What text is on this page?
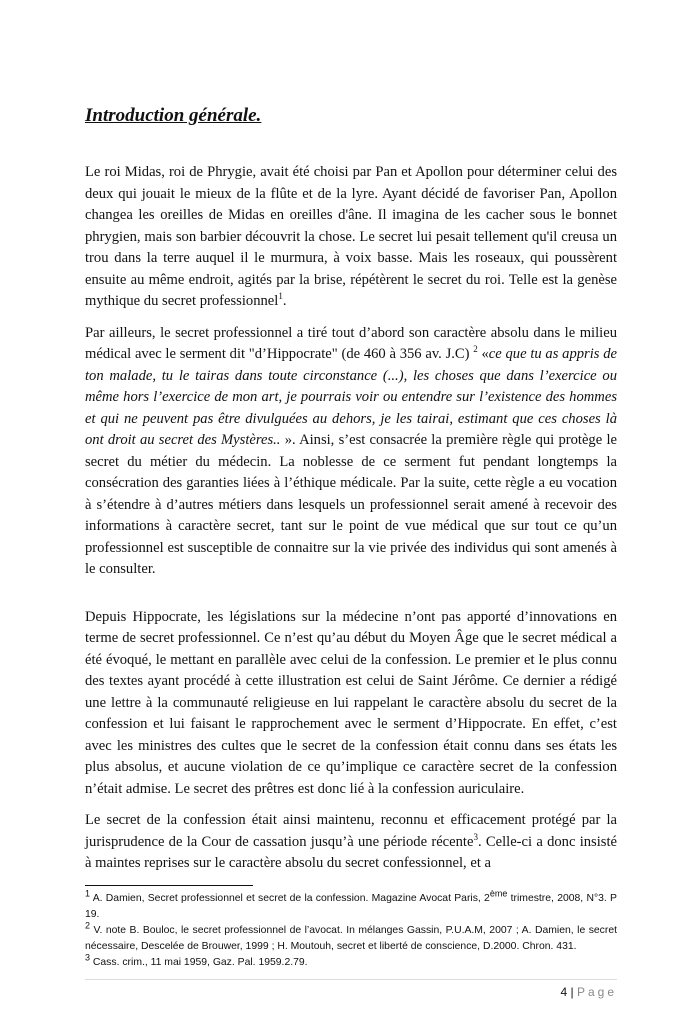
Introduction générale.

Le roi Midas, roi de Phrygie, avait été choisi par Pan et Apollon pour déterminer celui des deux qui jouait le mieux de la flûte et de la lyre. Ayant décidé de favoriser Pan, Apollon changea les oreilles de Midas en oreilles d'âne. Il imagina de les cacher sous le bonnet phrygien, mais son barbier découvrit la chose. Le secret lui pesait tellement qu'il creusa un trou dans la terre auquel il le murmura, à voix basse. Mais les roseaux, qui poussèrent ensuite au même endroit, agités par la brise, répétèrent le secret du roi. Telle est la genèse mythique du secret professionnel$^1$.

Par ailleurs, le secret professionnel a tiré tout d’abord son caractère absolu dans le milieu médical avec le serment dit "d’Hippocrate" (de 460 à 356 av. J.C) $^2$ «ce que tu as appris de ton malade, tu le tairas dans toute circonstance (...), les choses que dans l’exercice ou même hors l’exercice de mon art, je pourrais voir ou entendre sur l’existence des hommes et qui ne peuvent pas être divulguées au dehors, je les tairai, estimant que ces choses là ont droit au secret des Mystères.. ». Ainsi, s’est consacrée la première règle qui protège le secret du métier du médecin. La noblesse de ce serment fut pendant longtemps la consécration des garanties liées à l’éthique médicale. Par la suite, cette règle a eu vocation à s’étendre à d’autres métiers dans lesquels un professionnel serait amené à recevoir des informations à caractère secret, tant sur le point de vue médical que sur tout ce qu’un professionnel est susceptible de connaitre sur la vie privée des individus qui sont amenés à le consulter.

Depuis Hippocrate, les législations sur la médecine n’ont pas apporté d’innovations en terme de secret professionnel. Ce n’est qu’au début du Moyen Âge que le secret médical a été évoqué, le mettant en parallèle avec celui de la confession. Le premier et le plus connu des textes ayant procédé à cette illustration est celui de Saint Jérôme. Ce dernier a rédigé une lettre à la communauté religieuse en lui rappelant le caractère absolu du secret de la confession et lui faisant le rapprochement avec le serment d’Hippocrate. En effet, c’est avec les ministres des cultes que le secret de la confession était connu dans ses états les plus absolus, et aucune violation de ce qu’implique ce caractère secret de la confession n’était admise. Le secret des prêtres est donc lié à la confession auriculaire.

Le secret de la confession était ainsi maintenu, reconnu et efficacement protégé par la jurisprudence de la Cour de cassation jusqu’à une période récente$^3$. Celle-ci a donc insisté à maintes reprises sur le caractère absolu du secret confessionnel, et a

$^1$ A. Damien, Secret professionnel et secret de la confession. Magazine Avocat Paris, 2ème trimestre, 2008, N°3. P 19.
$^2$ V. note B. Bouloc, le secret professionnel de l’avocat. In mélanges Gassin, P.U.A.M, 2007 ; A. Damien, le secret nécessaire, Descelée de Brouwer, 1999 ; H. Moutouh, secret et liberté de conscience, D.2000. Chron. 431.
$^3$ Cass. crim., 11 mai 1959, Gaz. Pal. 1959.2.79.
4 | Page
